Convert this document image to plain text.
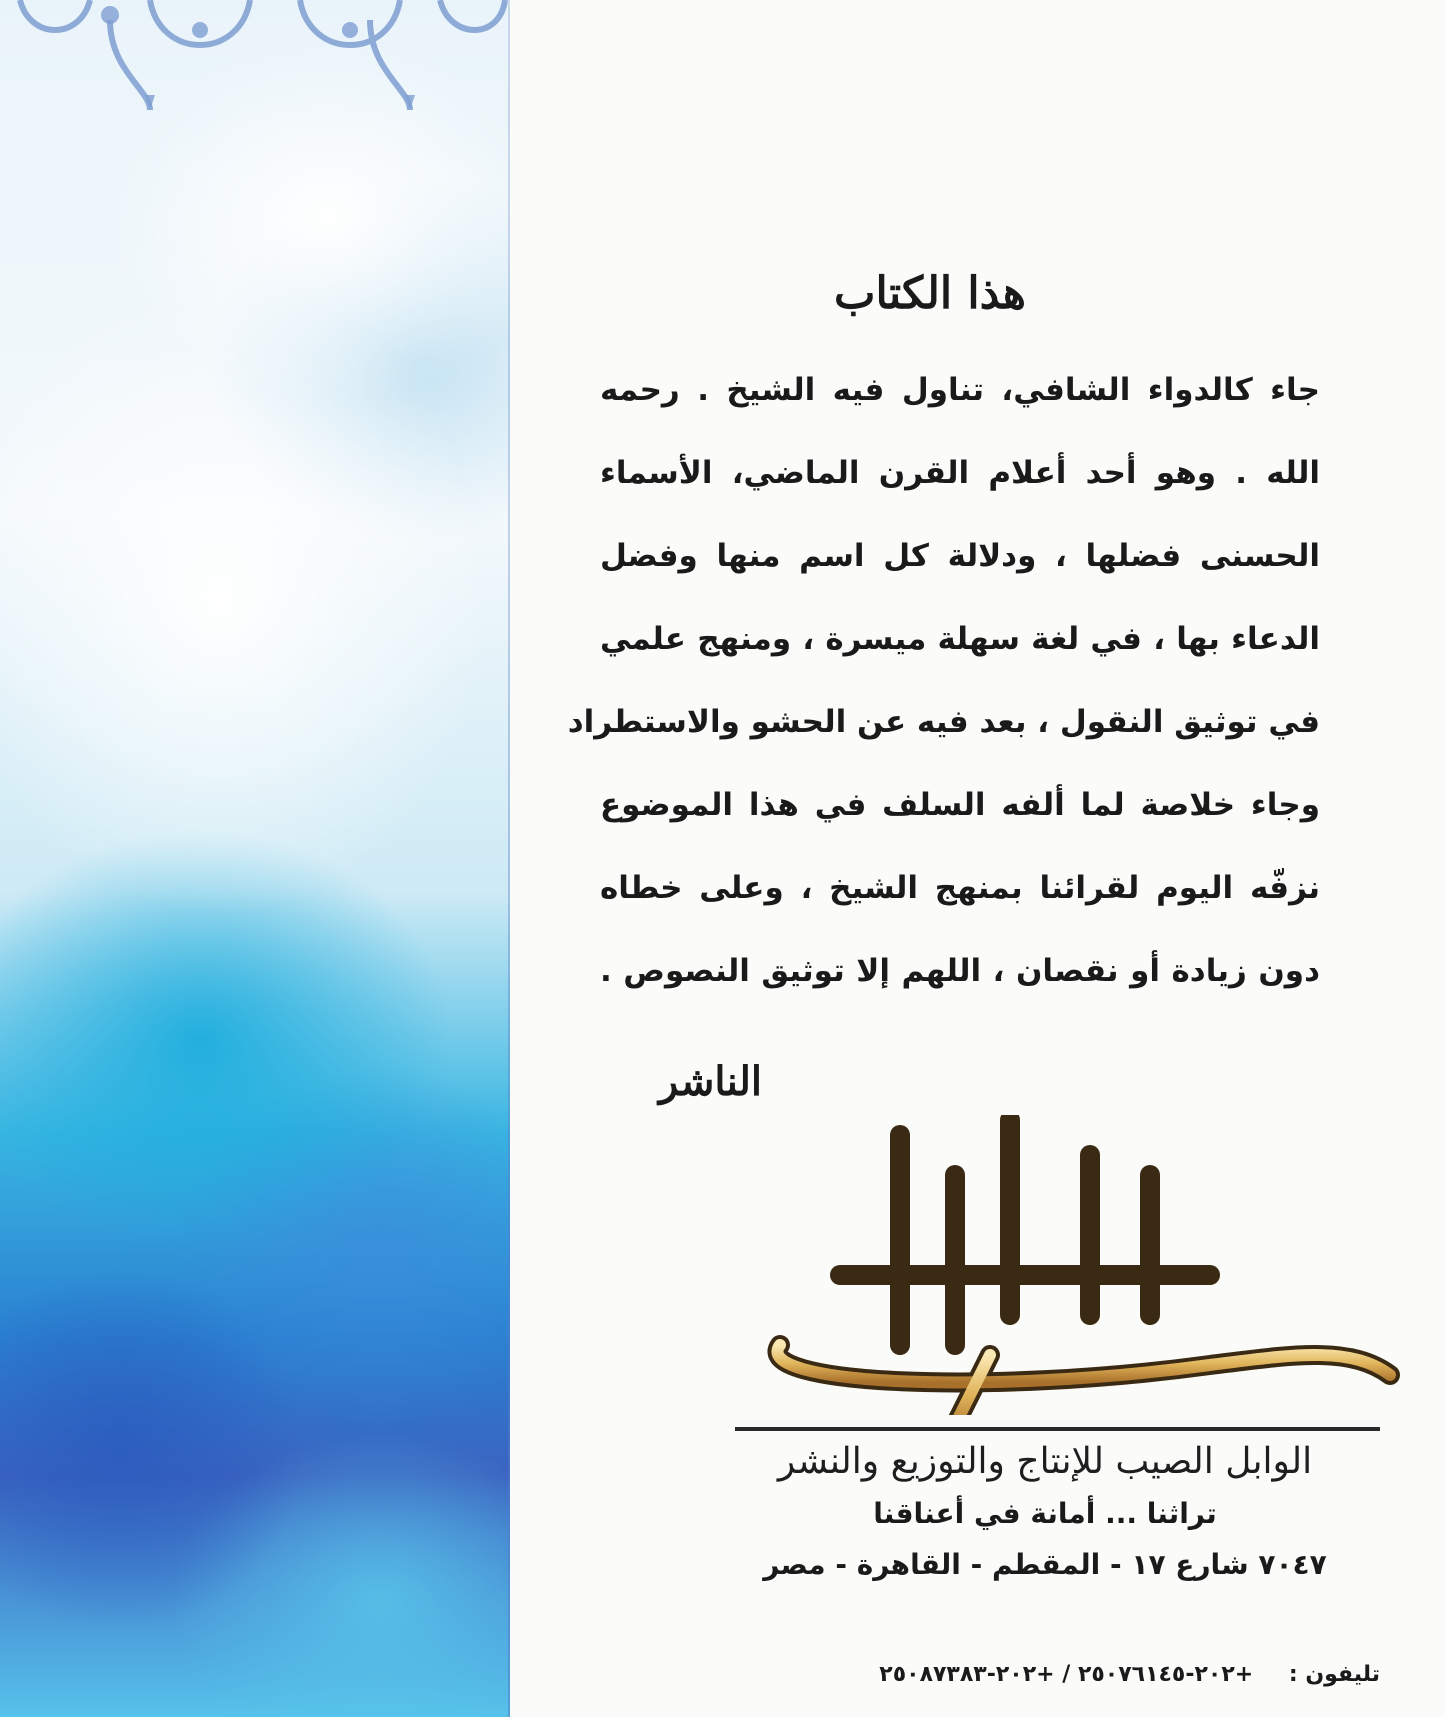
هذا الكتاب
جاء كالدواء الشافي، تناول فيه الشيخ . رحمه
الله . وهو أحد أعلام القرن الماضي، الأسماء
الحسنى فضلها ، ودلالة كل اسم منها وفضل
الدعاء بها ، في لغة سهلة ميسرة ، ومنهج علمي
في توثيق النقول ، بعد فيه عن الحشو والاستطراد
وجاء خلاصة لما ألفه السلف في هذا الموضوع
نزفّه اليوم لقرائنا بمنهج الشيخ ، وعلى خطاه
دون زيادة أو نقصان ، اللهم إلا توثيق النصوص .
الناشر
الوابل الصيب
الوابل الصيب للإنتاج والتوزيع والنشر
تراثنا ... أمانة في أعناقنا
٧٠٤٧ شارع ١٧ - المقطم - القاهرة - مصر
تليفون : +٢٠٢-٢٥٠٧٦١٤٥ / +٢٠٢-٢٥٠٨٧٣٨٣
